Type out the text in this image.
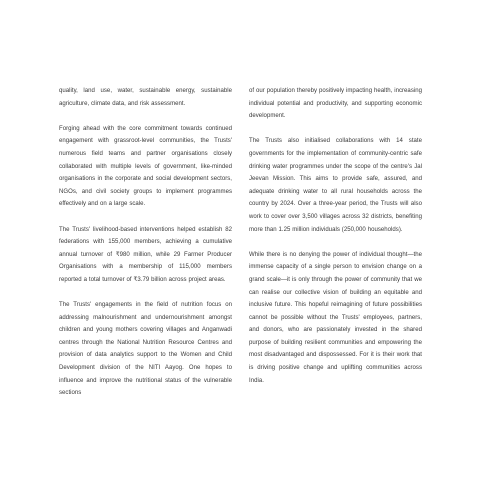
quality, land use, water, sustainable energy, sustainable agriculture, climate data, and risk assessment.

Forging ahead with the core commitment towards continued engagement with grassroot-level communities, the Trusts' numerous field teams and partner organisations closely collaborated with multiple levels of government, like-minded organisations in the corporate and social development sectors, NGOs, and civil society groups to implement programmes effectively and on a large scale.

The Trusts' livelihood-based interventions helped establish 82 federations with 155,000 members, achieving a cumulative annual turnover of ₹980 million, while 29 Farmer Producer Organisations with a membership of 115,000 members reported a total turnover of ₹3.79 billion across project areas.

The Trusts' engagements in the field of nutrition focus on addressing malnourishment and undernourishment amongst children and young mothers covering villages and Anganwadi centres through the National Nutrition Resource Centres and provision of data analytics support to the Women and Child Development division of the NITI Aayog. One hopes to influence and improve the nutritional status of the vulnerable sections

of our population thereby positively impacting health, increasing individual potential and productivity, and supporting economic development.

The Trusts also initialised collaborations with 14 state governments for the implementation of community-centric safe drinking water programmes under the scope of the centre's Jal Jeevan Mission. This aims to provide safe, assured, and adequate drinking water to all rural households across the country by 2024. Over a three-year period, the Trusts will also work to cover over 3,500 villages across 32 districts, benefiting more than 1.25 million individuals (250,000 households).

While there is no denying the power of individual thought—the immense capacity of a single person to envision change on a grand scale—it is only through the power of community that we can realise our collective vision of building an equitable and inclusive future. This hopeful reimagining of future possibilities cannot be possible without the Trusts' employees, partners, and donors, who are passionately invested in the shared purpose of building resilient communities and empowering the most disadvantaged and dispossessed. For it is their work that is driving positive change and uplifting communities across India.
